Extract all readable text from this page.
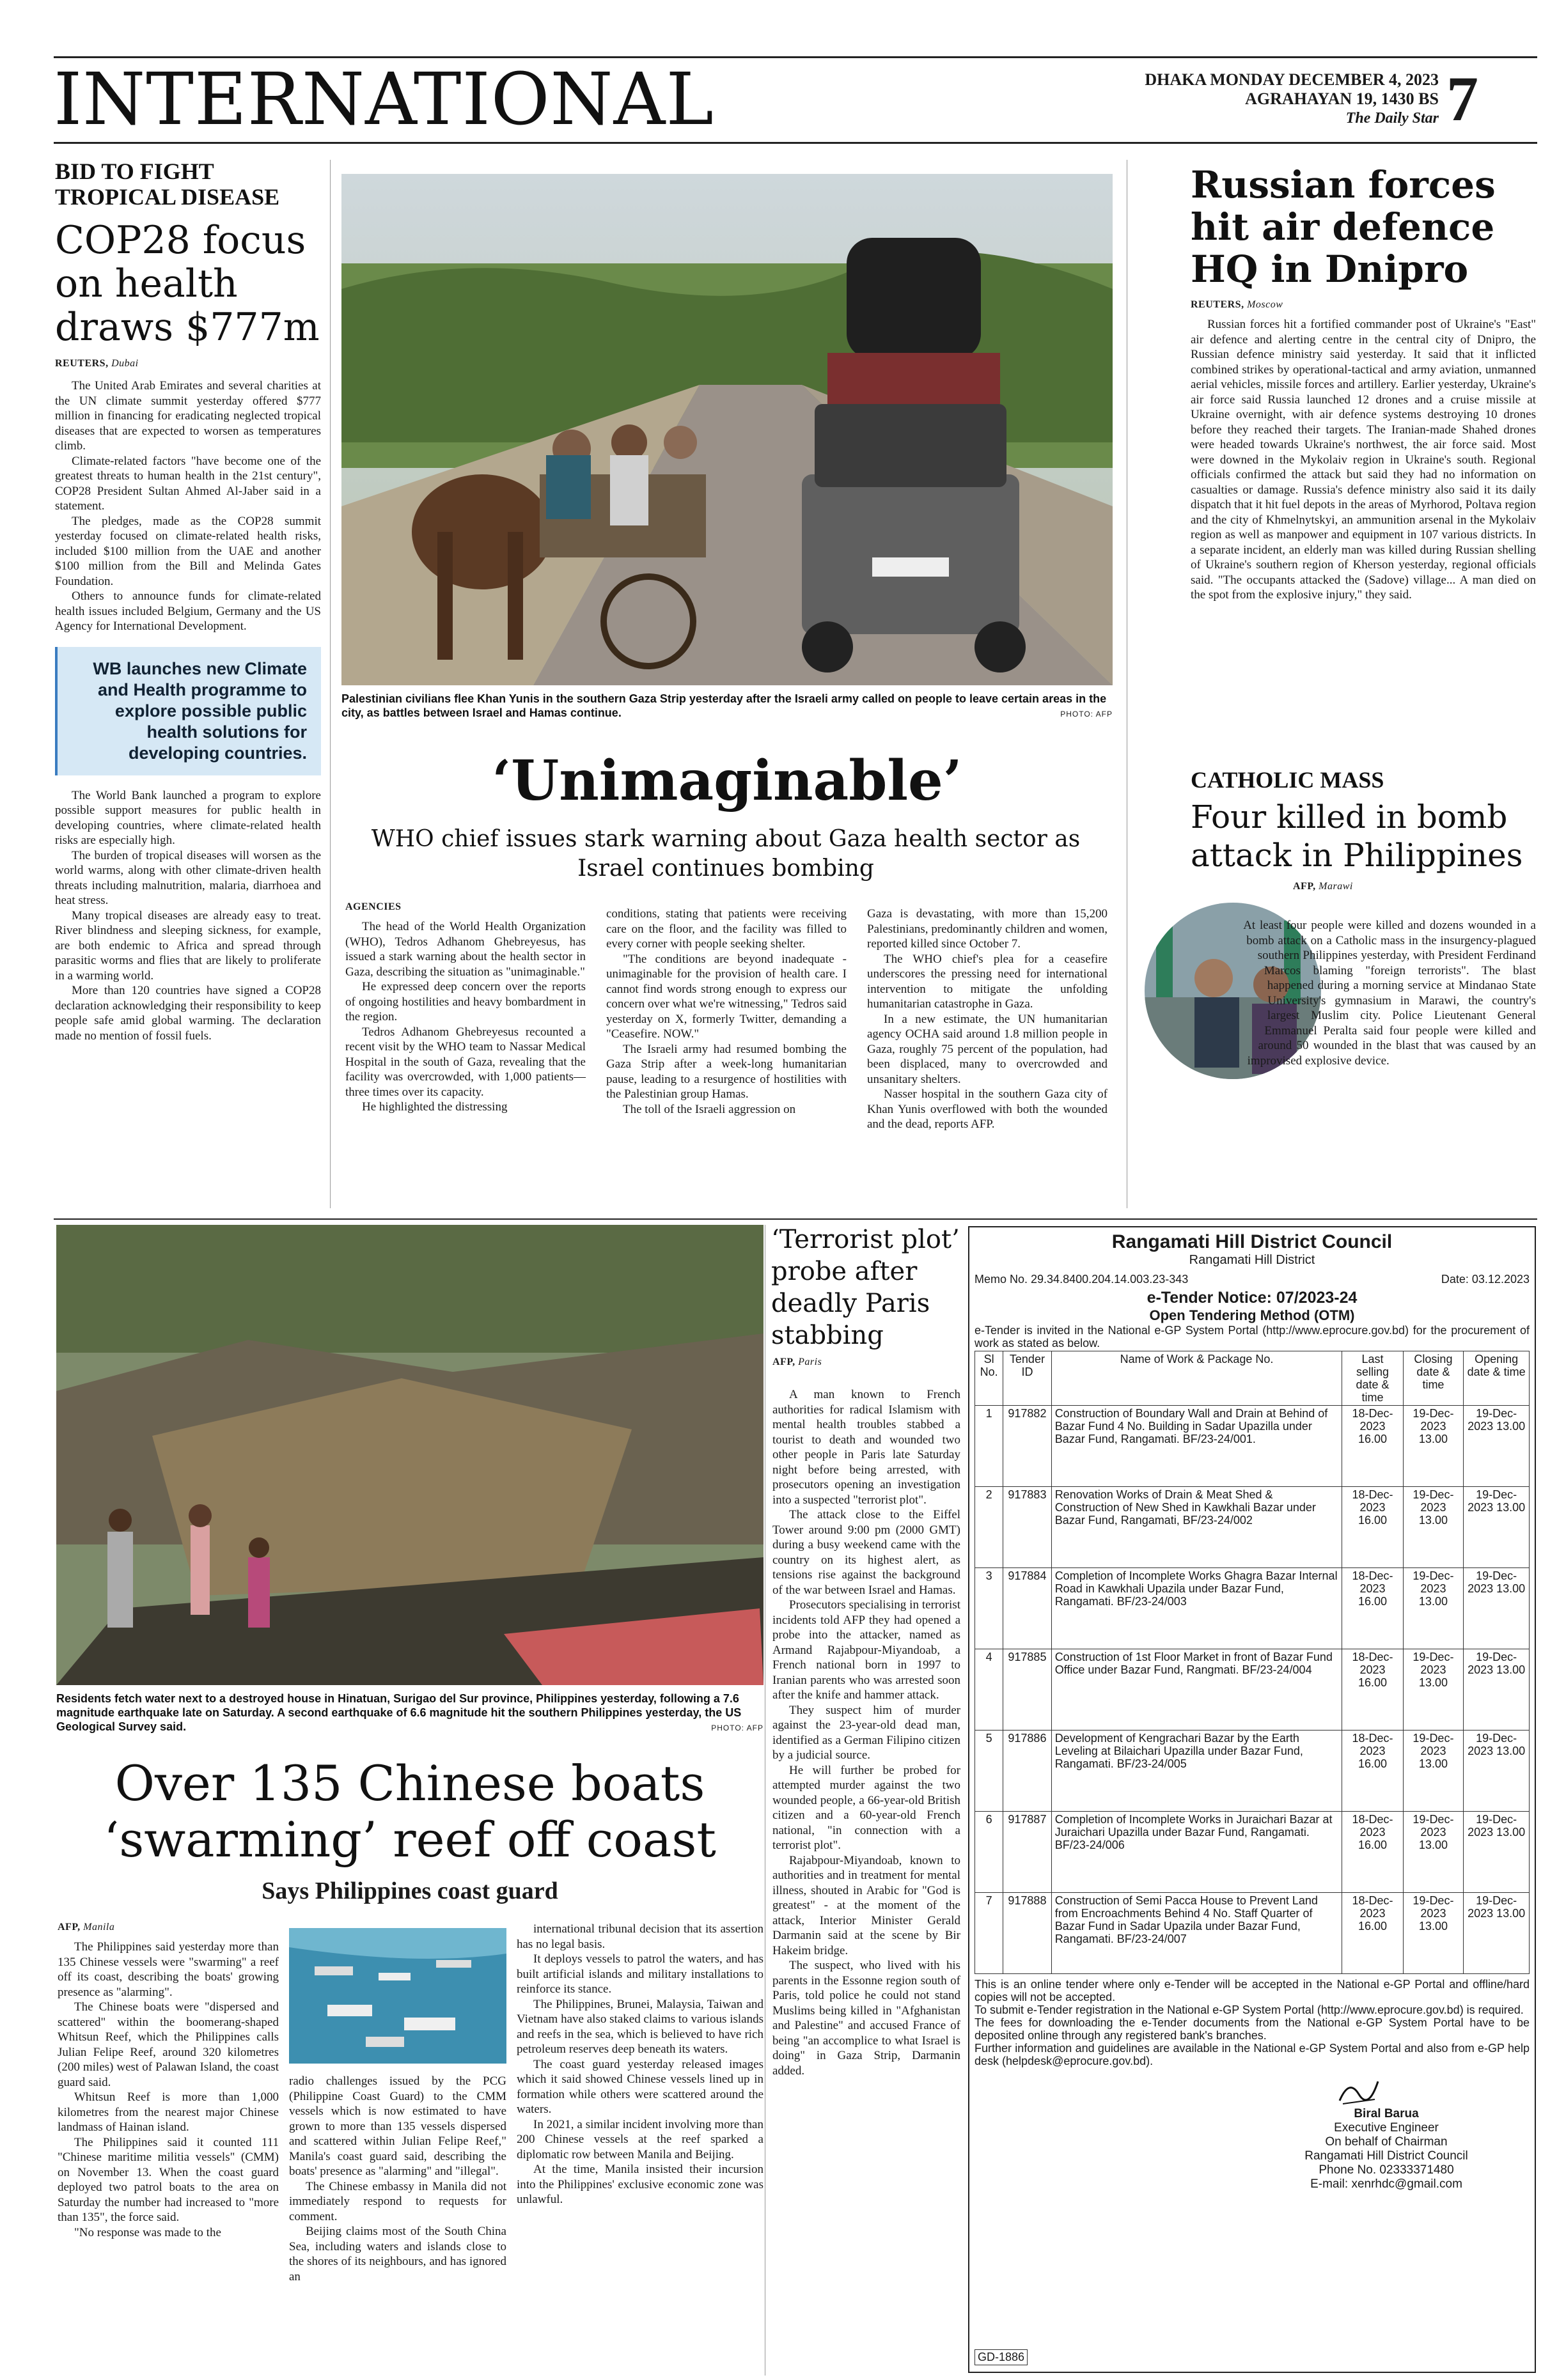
INTERNATIONAL	DHAKA MONDAY DECEMBER 4, 2023
AGRAHAYAN 19, 1430 BS
The Daily Star 7
BID TO FIGHT TROPICAL DISEASE
COP28 focus on health draws $777m
REUTERS, Dubai

The United Arab Emirates and several charities at the UN climate summit yesterday offered $777 million in financing for eradicating neglected tropical diseases that are expected to worsen as temperatures climb.

Climate-related factors "have become one of the greatest threats to human health in the 21st century", COP28 President Sultan Ahmed Al-Jaber said in a statement.

The pledges, made as the COP28 summit yesterday focused on climate-related health risks, included $100 million from the UAE and another $100 million from the Bill and Melinda Gates Foundation.

Others to announce funds for climate-related health issues included Belgium, Germany and the US Agency for International Development.

WB launches new Climate and Health programme to explore possible public health solutions for developing countries.

The World Bank launched a program to explore possible support measures for public health in developing countries, where climate-related health risks are especially high.

The burden of tropical diseases will worsen as the world warms, along with other climate-driven health threats including malnutrition, malaria, diarrhoea and heat stress.

Many tropical diseases are already easy to treat. River blindness and sleeping sickness, for example, are both endemic to Africa and spread through parasitic worms and flies that are likely to proliferate in a warming world.

More than 120 countries have signed a COP28 declaration acknowledging their responsibility to keep people safe amid global warming. The declaration made no mention of fossil fuels.

Palestinian civilians flee Khan Yunis in the southern Gaza Strip yesterday after the Israeli army called on people to leave certain areas in the city, as battles between Israel and Hamas continue.	PHOTO: AFP
‘Unimaginable’
WHO chief issues stark warning about Gaza health sector as Israel continues bombing
AGENCIES

The head of the World Health Organization (WHO), Tedros Adhanom Ghebreyesus, has issued a stark warning about the health sector in Gaza, describing the situation as "unimaginable."

He expressed deep concern over the reports of ongoing hostilities and heavy bombardment in the region.

Tedros Adhanom Ghebreyesus recounted a recent visit by the WHO team to Nassar Medical Hospital in the south of Gaza, revealing that the facility was overcrowded, with 1,000 patients—three times over its capacity.

He highlighted the distressing

conditions, stating that patients were receiving care on the floor, and the facility was filled to every corner with people seeking shelter.

"The conditions are beyond inadequate - unimaginable for the provision of health care. I cannot find words strong enough to express our concern over what we're witnessing," Tedros said yesterday on X, formerly Twitter, demanding a "Ceasefire. NOW."

The Israeli army had resumed bombing the Gaza Strip after a week-long humanitarian pause, leading to a resurgence of hostilities with the Palestinian group Hamas.

The toll of the Israeli aggression on

Gaza is devastating, with more than 15,200 Palestinians, predominantly children and women, reported killed since October 7.

The WHO chief's plea for a ceasefire underscores the pressing need for international intervention to mitigate the unfolding humanitarian catastrophe in Gaza.

In a new estimate, the UN humanitarian agency OCHA said around 1.8 million people in Gaza, roughly 75 percent of the population, had been displaced, many to overcrowded and unsanitary shelters.

Nasser hospital in the southern Gaza city of Khan Yunis overflowed with both the wounded and the dead, reports AFP.

Russian forces hit air defence HQ in Dnipro
REUTERS, Moscow

Russian forces hit a fortified commander post of Ukraine's "East" air defence and alerting centre in the central city of Dnipro, the Russian defence ministry said yesterday. It said that it inflicted combined strikes by operational-tactical and army aviation, unmanned aerial vehicles, missile forces and artillery. Earlier yesterday, Ukraine's air force said Russia launched 12 drones and a cruise missile at Ukraine overnight, with air defence systems destroying 10 drones before they reached their targets. The Iranian-made Shahed drones were headed towards Ukraine's northwest, the air force said. Most were downed in the Mykolaiv region in Ukraine's south. Regional officials confirmed the attack but said they had no information on casualties or damage. Russia's defence ministry also said it its daily dispatch that it hit fuel depots in the areas of Myrhorod, Poltava region and the city of Khmelnytskyi, an ammunition arsenal in the Mykolaiv region as well as manpower and equipment in 107 various districts. In a separate incident, an elderly man was killed during Russian shelling of Ukraine's southern region of Kherson yesterday, regional officials said. "The occupants attacked the (Sadove) village... A man died on the spot from the explosive injury," they said.

CATHOLIC MASS
Four killed in bomb attack in Philippines
AFP, Marawi

At least four people were killed and dozens wounded in a bomb attack on a Catholic mass in the insurgency-plagued southern Philippines yesterday, with President Ferdinand Marcos blaming "foreign terrorists". The blast happened during a morning service at Mindanao State University's gymnasium in Marawi, the country's largest Muslim city. Police Lieutenant General Emmanuel Peralta said four people were killed and around 50 wounded in the blast that was caused by an improvised explosive device.

Residents fetch water next to a destroyed house in Hinatuan, Surigao del Sur province, Philippines yesterday, following a 7.6 magnitude earthquake late on Saturday. A second earthquake of 6.6 magnitude hit the southern Philippines yesterday, the US Geological Survey said.	PHOTO: AFP
Over 135 Chinese boats
‘swarming’ reef off coast
Says Philippines coast guard
AFP, Manila

The Philippines said yesterday more than 135 Chinese vessels were "swarming" a reef off its coast, describing the boats' growing presence as "alarming".

The Chinese boats were "dispersed and scattered" within the boomerang-shaped Whitsun Reef, which the Philippines calls Julian Felipe Reef, around 320 kilometres (200 miles) west of Palawan Island, the coast guard said.

Whitsun Reef is more than 1,000 kilometres from the nearest major Chinese landmass of Hainan island.

The Philippines said it counted 111 "Chinese maritime militia vessels" (CMM) on November 13. When the coast guard deployed two patrol boats to the area on Saturday the number had increased to "more than 135", the force said.

"No response was made to the

radio challenges issued by the PCG (Philippine Coast Guard) to the CMM vessels which is now estimated to have grown to more than 135 vessels dispersed and scattered within Julian Felipe Reef," Manila's coast guard said, describing the boats' presence as "alarming" and "illegal".

The Chinese embassy in Manila did not immediately respond to requests for comment.

Beijing claims most of the South China Sea, including waters and islands close to the shores of its neighbours, and has ignored an

international tribunal decision that its assertion has no legal basis.

It deploys vessels to patrol the waters, and has built artificial islands and military installations to reinforce its stance.

The Philippines, Brunei, Malaysia, Taiwan and Vietnam have also staked claims to various islands and reefs in the sea, which is believed to have rich petroleum reserves deep beneath its waters.

The coast guard yesterday released images which it said showed Chinese vessels lined up in formation while others were scattered around the waters.

In 2021, a similar incident involving more than 200 Chinese vessels at the reef sparked a diplomatic row between Manila and Beijing.

At the time, Manila insisted their incursion into the Philippines' exclusive economic zone was unlawful.

‘Terrorist plot’ probe after deadly Paris stabbing
AFP, Paris

A man known to French authorities for radical Islamism with mental health troubles stabbed a tourist to death and wounded two other people in Paris late Saturday night before being arrested, with prosecutors opening an investigation into a suspected "terrorist plot".

The attack close to the Eiffel Tower around 9:00 pm (2000 GMT) during a busy weekend came with the country on its highest alert, as tensions rise against the background of the war between Israel and Hamas.

Prosecutors specialising in terrorist incidents told AFP they had opened a probe into the attacker, named as Armand Rajabpour-Miyandoab, a French national born in 1997 to Iranian parents who was arrested soon after the knife and hammer attack.

They suspect him of murder against the 23-year-old dead man, identified as a German Filipino citizen by a judicial source.

He will further be probed for attempted murder against the two wounded people, a 66-year-old British citizen and a 60-year-old French national, "in connection with a terrorist plot".

Rajabpour-Miyandoab, known to authorities and in treatment for mental illness, shouted in Arabic for "God is greatest" - at the moment of the attack, Interior Minister Gerald Darmanin said at the scene by Bir Hakeim bridge.

The suspect, who lived with his parents in the Essonne region south of Paris, told police he could not stand Muslims being killed in "Afghanistan and Palestine" and accused France of being "an accomplice to what Israel is doing" in Gaza Strip, Darmanin added.

Rangamati Hill District Council
Rangamati Hill District
Memo No. 29.34.8400.204.14.003.23-343	Date: 03.12.2023
e-Tender Notice: 07/2023-24
Open Tendering Method (OTM)
e-Tender is invited in the National e-GP System Portal (http://www.eprocure.gov.bd) for the procurement of work as stated as below.
Sl No.	Tender ID	Name of Work & Package No.	Last selling date & time	Closing date & time	Opening date & time
1	917882	Construction of Boundary Wall and Drain at Behind of Bazar Fund 4 No. Building in Sadar Upazilla under Bazar Fund, Rangamati. BF/23-24/001.	18-Dec-2023 16.00	19-Dec-2023 13.00	19-Dec-2023 13.00
2	917883	Renovation Works of Drain & Meat Shed & Construction of New Shed in Kawkhali Bazar under Bazar Fund, Rangamati, BF/23-24/002	18-Dec-2023 16.00	19-Dec-2023 13.00	19-Dec-2023 13.00
3	917884	Completion of Incomplete Works Ghagra Bazar Internal Road in Kawkhali Upazila under Bazar Fund, Rangamati. BF/23-24/003	18-Dec-2023 16.00	19-Dec-2023 13.00	19-Dec-2023 13.00
4	917885	Construction of 1st Floor Market in front of Bazar Fund Office under Bazar Fund, Rangmati. BF/23-24/004	18-Dec-2023 16.00	19-Dec-2023 13.00	19-Dec-2023 13.00
5	917886	Development of Kengrachari Bazar by the Earth Leveling at Bilaichari Upazilla under Bazar Fund, Rangamati. BF/23-24/005	18-Dec-2023 16.00	19-Dec-2023 13.00	19-Dec-2023 13.00
6	917887	Completion of Incomplete Works in Juraichari Bazar at Juraichari Upazilla under Bazar Fund, Rangamati. BF/23-24/006	18-Dec-2023 16.00	19-Dec-2023 13.00	19-Dec-2023 13.00
7	917888	Construction of Semi Pacca House to Prevent Land from Encroachments Behind 4 No. Staff Quarter of Bazar Fund in Sadar Upazila under Bazar Fund, Rangamati. BF/23-24/007	18-Dec-2023 16.00	19-Dec-2023 13.00	19-Dec-2023 13.00
This is an online tender where only e-Tender will be accepted in the National e-GP Portal and offline/hard copies will not be accepted.
To submit e-Tender registration in the National e-GP System Portal (http://www.eprocure.gov.bd) is required.
The fees for downloading the e-Tender documents from the National e-GP System Portal have to be deposited online through any registered bank's branches.
Further information and guidelines are available in the National e-GP System Portal and also from e-GP help desk (helpdesk@eprocure.gov.bd).
Biral Barua
Executive Engineer
On behalf of Chairman
Rangamati Hill District Council
Phone No. 02333371480
E-mail: xenrhdc@gmail.com
GD-1886
